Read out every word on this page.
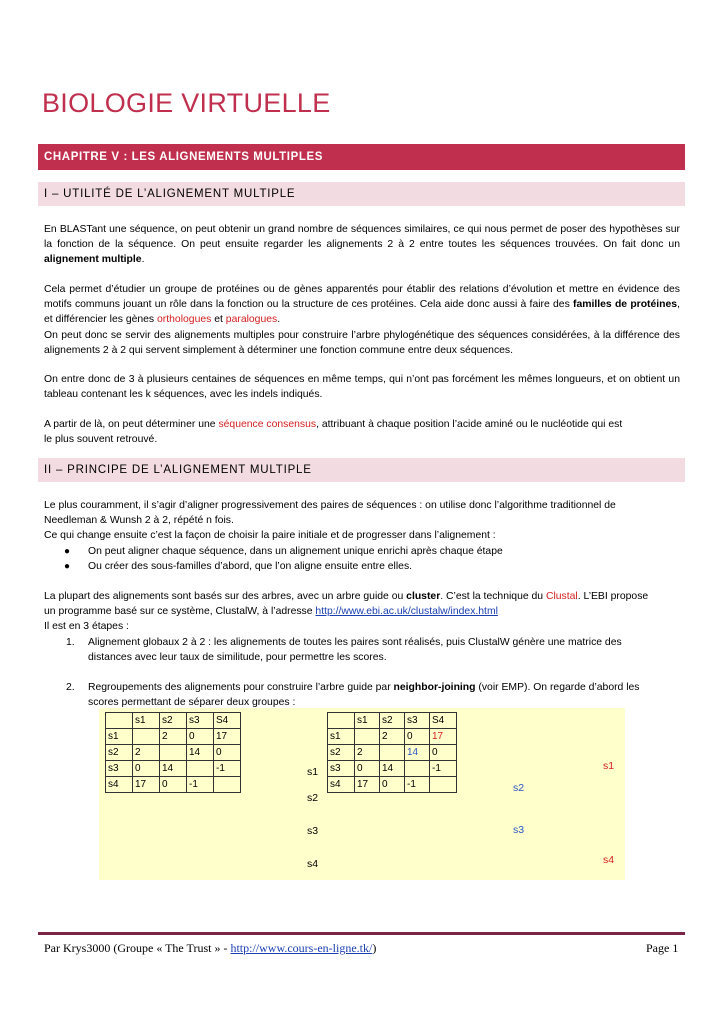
BIOLOGIE VIRTUELLE
CHAPITRE V : LES ALIGNEMENTS MULTIPLES
I – UTILITÉ DE L’ALIGNEMENT MULTIPLE

En BLASTant une séquence, on peut obtenir un grand nombre de séquences similaires, ce qui nous permet de poser des hypothèses sur la fonction de la séquence. On peut ensuite regarder les alignements 2 à 2 entre toutes les séquences trouvées. On fait donc un alignement multiple.

Cela permet d’étudier un groupe de protéines ou de gènes apparentés pour établir des relations d’évolution et mettre en évidence des motifs communs jouant un rôle dans la fonction ou la structure de ces protéines. Cela aide donc aussi à faire des familles de protéines, et différencier les gènes orthologues et paralogues.

On peut donc se servir des alignements multiples pour construire l’arbre phylogénétique des séquences considérées, à la différence des alignements 2 à 2 qui servent simplement à déterminer une fonction commune entre deux séquences.

On entre donc de 3 à plusieurs centaines de séquences en même temps, qui n’ont pas forcément les mêmes longueurs, et on obtient un tableau contenant les k séquences, avec les indels indiqués.

A partir de là, on peut déterminer une séquence consensus, attribuant à chaque position l’acide aminé ou le nucléotide qui est
le plus souvent retrouvé.

II – PRINCIPE DE L’ALIGNEMENT MULTIPLE

Le plus couramment, il s’agir d’aligner progressivement des paires de séquences : on utilise donc l’algorithme traditionnel de
Needleman & Wunsh 2 à 2, répété n fois.
Ce qui change ensuite c’est la façon de choisir la paire initiale et de progresser dans l’alignement :

● On peut aligner chaque séquence, dans un alignement unique enrichi après chaque étape
● Ou créer des sous-familles d’abord, que l’on aligne ensuite entre elles.

La plupart des alignements sont basés sur des arbres, avec un arbre guide ou cluster. C’est la technique du Clustal. L’EBI propose
un programme basé sur ce système, ClustalW, à l’adresse http://www.ebi.ac.uk/clustalw/index.html
Il est en 3 étapes :

1. Alignement globaux 2 à 2 : les alignements de toutes les paires sont réalisés, puis ClustalW génère une matrice des
distances avec leur taux de similitude, pour permettre les scores.
2. Regroupements des alignements pour construire l’arbre guide par neighbor-joining (voir EMP). On regarde d’abord les
scores permettant de séparer deux groupes :
	s1	s2	s3	S4
s1		2	0	17
s2	2		14	0
s3	0	14		-1
s4	17	0	-1	
s1
s2
s3
s4
	s1	s2	s3	S4
s1		2	0	17
s2	2		14	0
s3	0	14		-1
s4	17	0	-1	
s1
s2
s3
s4
Par Krys3000 (Groupe « The Trust » - http://www.cours-en-ligne.tk/)	Page 1
